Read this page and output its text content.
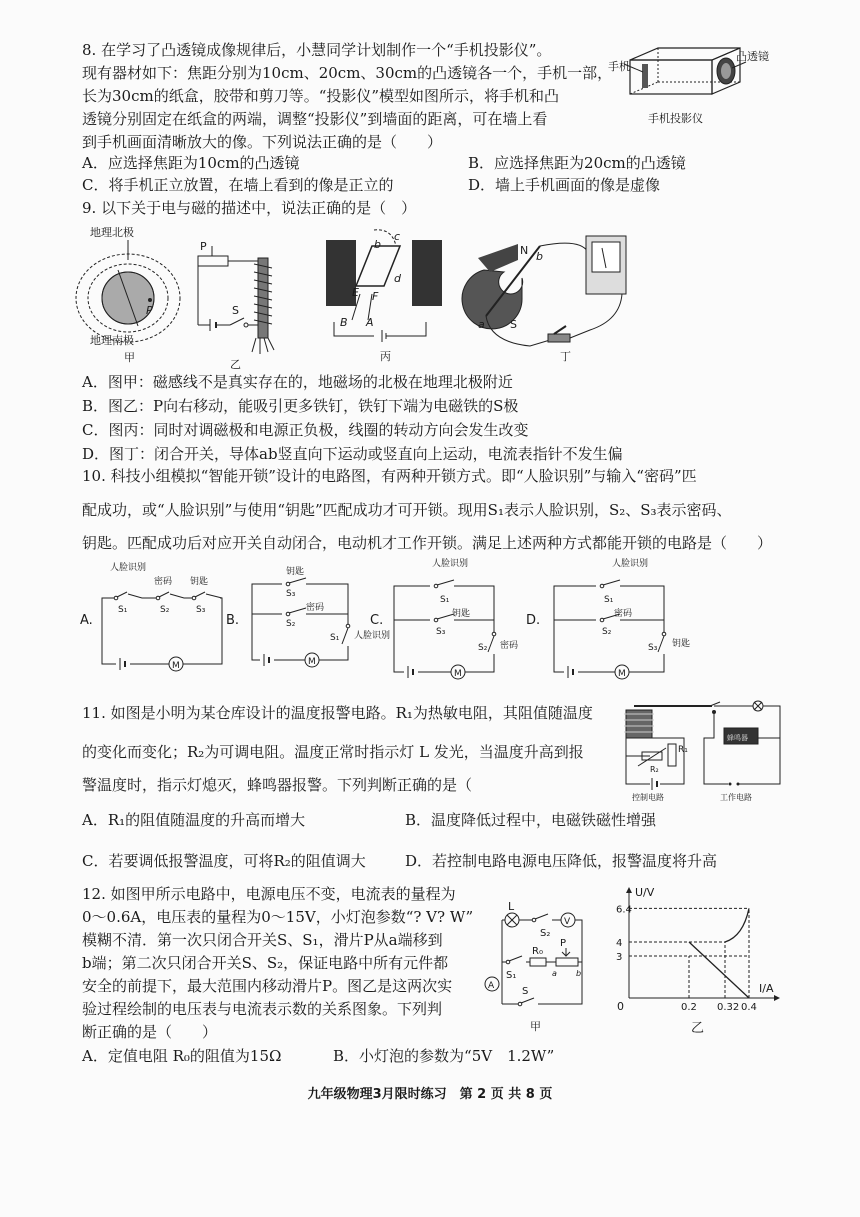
8. 在学习了凸透镜成像规律后，小慧同学计划制作一个“手机投影仪”。
现有器材如下：焦距分别为10cm、20cm、30cm的凸透镜各一个，手机一部，
长为30cm的纸盒，胶带和剪刀等。“投影仪”模型如图所示，将手机和凸
透镜分别固定在纸盒的两端，调整“投影仪”到墙面的距离，可在墙上看
到手机画面清晰放大的像。下列说法正确的是（　　）
A．应选择焦距为10cm的凸透镜	B．应选择焦距为20cm的凸透镜
C．将手机正立放置，在墙上看到的像是正立的	D．墙上手机画面的像是虚像
手机
凸透镜
手机投影仪
9. 以下关于电与磁的描述中，说法正确的是（　）
地理北极
P
地理南极
甲
P
S
乙
b
c
d
E F
B A
丙
N b
a S
丁
A．图甲：磁感线不是真实存在的，地磁场的北极在地理北极附近
B．图乙：P向右移动，能吸引更多铁钉，铁钉下端为电磁铁的S极
C．图丙：同时对调磁极和电源正负极，线圈的转动方向会发生改变
D．图丁：闭合开关，导体ab竖直向下运动或竖直向上运动，电流表指针不发生偏
10. 科技小组模拟“智能开锁”设计的电路图，有两种开锁方式。即“人脸识别”与输入“密码”匹
配成功，或“人脸识别”与使用“钥匙”匹配成功才可开锁。现用S₁表示人脸识别，S₂、S₃表示密码、
钥匙。匹配成功后对应开关自动闭合，电动机才工作开锁。满足上述两种方式都能开锁的电路是（　　）
A.
人脸识别
密码 钥匙
S₁	S₂	S₃
M
B.
钥匙
密码
S₃
S₂
S₁ 人脸识别
M
C.
人脸识别
S₁
钥匙
S₃
S₂ 密码
M
D.
人脸识别
S₁
密码
S₂
S₃ 钥匙
M
11. 如图是小明为某仓库设计的温度报警电路。R₁为热敏电阻，其阻值随温度
的变化而变化；R₂为可调电阻。温度正常时指示灯 L 发光，当温度升高到报
警温度时，指示灯熄灭，蜂鸣器报警。下列判断正确的是（
R₁
R₂
控制电路
蜂鸣器
工作电路
A．R₁的阻值随温度的升高而增大	B．温度降低过程中，电磁铁磁性增强
C．若要调低报警温度，可将R₂的阻值调大	D．若控制电路电源电压降低，报警温度将升高
12. 如图甲所示电路中，电源电压不变，电流表的量程为
0～0.6A，电压表的量程为0～15V，小灯泡参数“? V? W”
模糊不清．第一次只闭合开关S、S₁，滑片P从a端移到
b端；第二次只闭合开关S、S₂，保证电路中所有元件都
安全的前提下，最大范围内移动滑片P。图乙是这两次实
验过程绘制的电压表与电流表示数的关系图象。下列判
断正确的是（　　）
L
S₂
V
S₁
R₀
P
a b
A	S
甲
U/V
I/A
0
6.4
4
3
0.2 0.32 0.4
乙
A．定值电阻 R₀的阻值为15Ω	B．小灯泡的参数为“5V　1.2W”
九年级物理3月限时练习　第 2 页 共 8 页
